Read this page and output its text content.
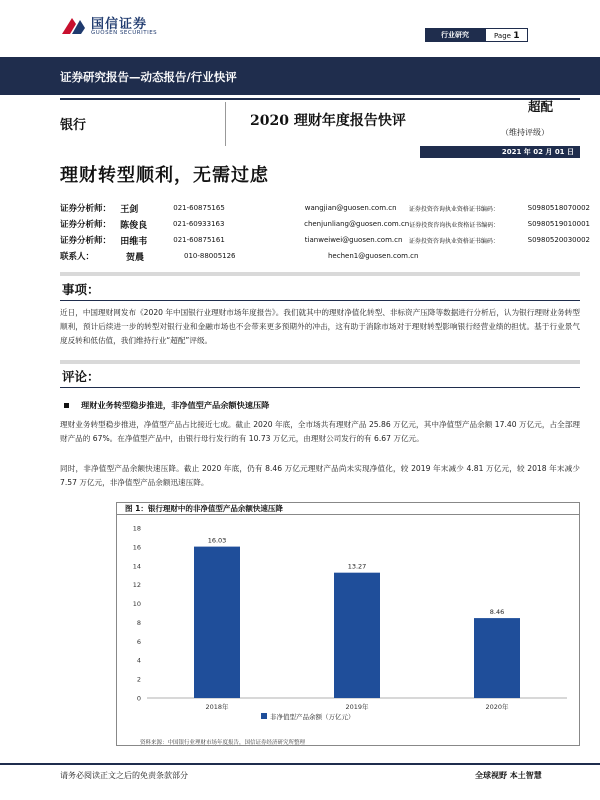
国信证券
GUOSEN SECURITIES	行业研究	Page 1
证券研究报告—动态报告/行业快评
银行	2020 理财年度报告快评
超配
（维持评级）
2021 年 02 月 01 日
理财转型顺利，无需过虑
证券分析师：	王剑	021-60875165	wangjian@guosen.com.cn	证券投资咨询执业资格证书编码：	S0980518070002
证券分析师：	陈俊良	021-60933163	chenjunliang@guosen.com.cn 证券投资咨询执业资格证书编码：	S0980519010001
证券分析师：	田维韦	021-60875161	tianweiwei@guosen.com.cn	证券投资咨询执业资格证书编码：	S0980520030002
联系人：	贺晨	010-88005126	hechen1@guosen.com.cn
事项：
近日，中国理财网发布《2020 年中国银行业理财市场年度报告》。我们就其中的理财净值化转型、非标资产压降等数据进行分析后，认为银行理财业务转型顺利，预计后续进一步的转型对银行业和金融市场也不会带来更多预期外的冲击，这有助于消除市场对于理财转型影响银行经营业绩的担忧。基于行业景气度反转和低估值，我们维持行业“超配”评级。
评论：
理财业务转型稳步推进，非净值型产品余额快速压降
理财业务转型稳步推进，净值型产品占比接近七成。截止 2020 年底，全市场共有理财产品 25.86 万亿元，其中净值型产品余额 17.40 万亿元，占全部理财产品的 67%。在净值型产品中，由银行母行发行的有 10.73 万亿元，由理财公司发行的有 6.67 万亿元。
同时，非净值型产品余额快速压降。截止 2020 年底，仍有 8.46 万亿元理财产品尚未实现净值化，较 2019 年末减少 4.81 万亿元，较 2018 年末减少 7.57 万亿元，非净值型产品余额迅速压降。
图 1：银行理财中的非净值型产品余额快速压降
0
2
4
6
8
10
12
14
16
18
16.03
2018年
13.27
2019年
8.46
2020年
非净值型产品余额（万亿元）
资料来源：中国银行业理财市场年度报告，国信证券经济研究所整理
请务必阅读正文之后的免责条款部分	全球视野 本土智慧
